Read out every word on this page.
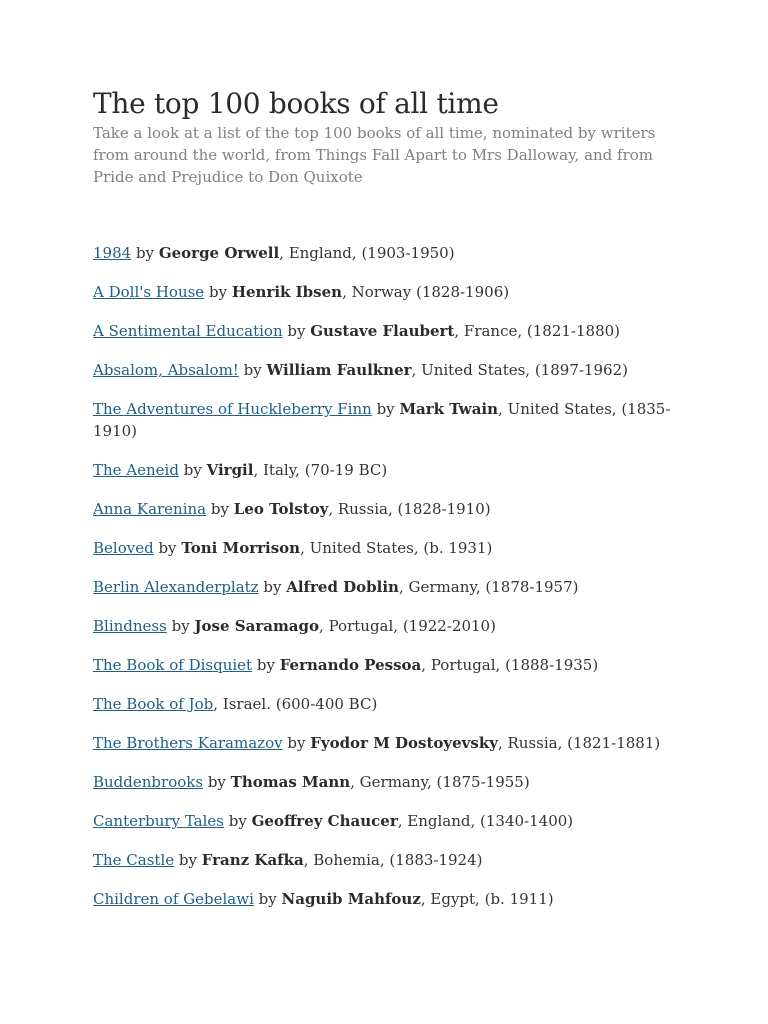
The top 100 books of all time

Take a look at a list of the top 100 books of all time, nominated by writers from around the world, from Things Fall Apart to Mrs Dalloway, and from Pride and Prejudice to Don Quixote

1984 by George Orwell, England, (1903-1950)
A Doll's House by Henrik Ibsen, Norway (1828-1906)
A Sentimental Education by Gustave Flaubert, France, (1821-1880)
Absalom, Absalom! by William Faulkner, United States, (1897-1962)
The Adventures of Huckleberry Finn by Mark Twain, United States, (1835-1910)
The Aeneid by Virgil, Italy, (70-19 BC)
Anna Karenina by Leo Tolstoy, Russia, (1828-1910)
Beloved by Toni Morrison, United States, (b. 1931)
Berlin Alexanderplatz by Alfred Doblin, Germany, (1878-1957)
Blindness by Jose Saramago, Portugal, (1922-2010)
The Book of Disquiet by Fernando Pessoa, Portugal, (1888-1935)
The Book of Job, Israel. (600-400 BC)
The Brothers Karamazov by Fyodor M Dostoyevsky, Russia, (1821-1881)
Buddenbrooks by Thomas Mann, Germany, (1875-1955)
Canterbury Tales by Geoffrey Chaucer, England, (1340-1400)
The Castle by Franz Kafka, Bohemia, (1883-1924)
Children of Gebelawi by Naguib Mahfouz, Egypt, (b. 1911)
